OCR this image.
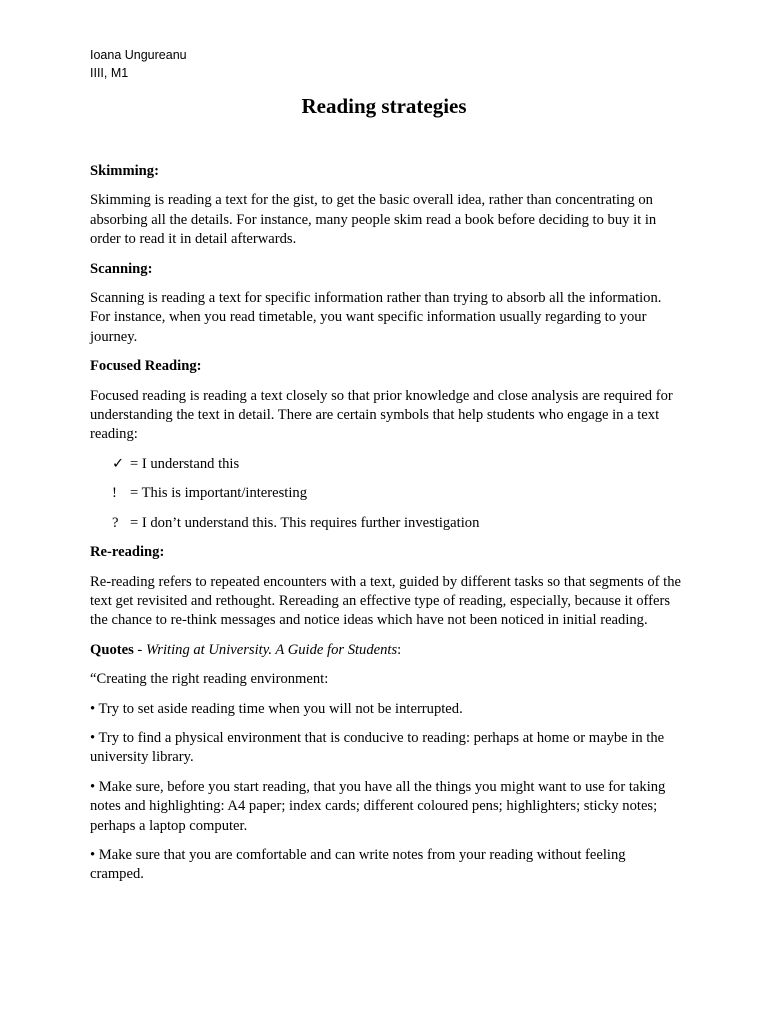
Ioana Ungureanu
IIII, M1
Reading strategies
Skimming:

Skimming is reading a text for the gist, to get the basic overall idea, rather than concentrating on absorbing all the details. For instance, many people skim read a book before deciding to buy it in order to read it in detail afterwards.

Scanning:

Scanning is reading a text for specific information rather than trying to absorb all the information. For instance, when you read timetable, you want specific information usually regarding to your journey.

Focused Reading:

Focused reading is reading a text closely so that prior knowledge and close analysis are required for understanding the text in detail. There are certain symbols that help students who engage in a text reading:

✓ = I understand this
! = This is important/interesting
? = I don’t understand this. This requires further investigation
Re-reading:

Re-reading refers to repeated encounters with a text, guided by different tasks so that segments of the text get revisited and rethought. Rereading an effective type of reading, especially, because it offers the chance to re-think messages and notice ideas which have not been noticed in initial reading.

Quotes - Writing at University. A Guide for Students:

“Creating the right reading environment:

• Try to set aside reading time when you will not be interrupted.

• Try to find a physical environment that is conducive to reading: perhaps at home or maybe in the university library.

• Make sure, before you start reading, that you have all the things you might want to use for taking notes and highlighting: A4 paper; index cards; different coloured pens; highlighters; sticky notes; perhaps a laptop computer.

• Make sure that you are comfortable and can write notes from your reading without feeling cramped.
